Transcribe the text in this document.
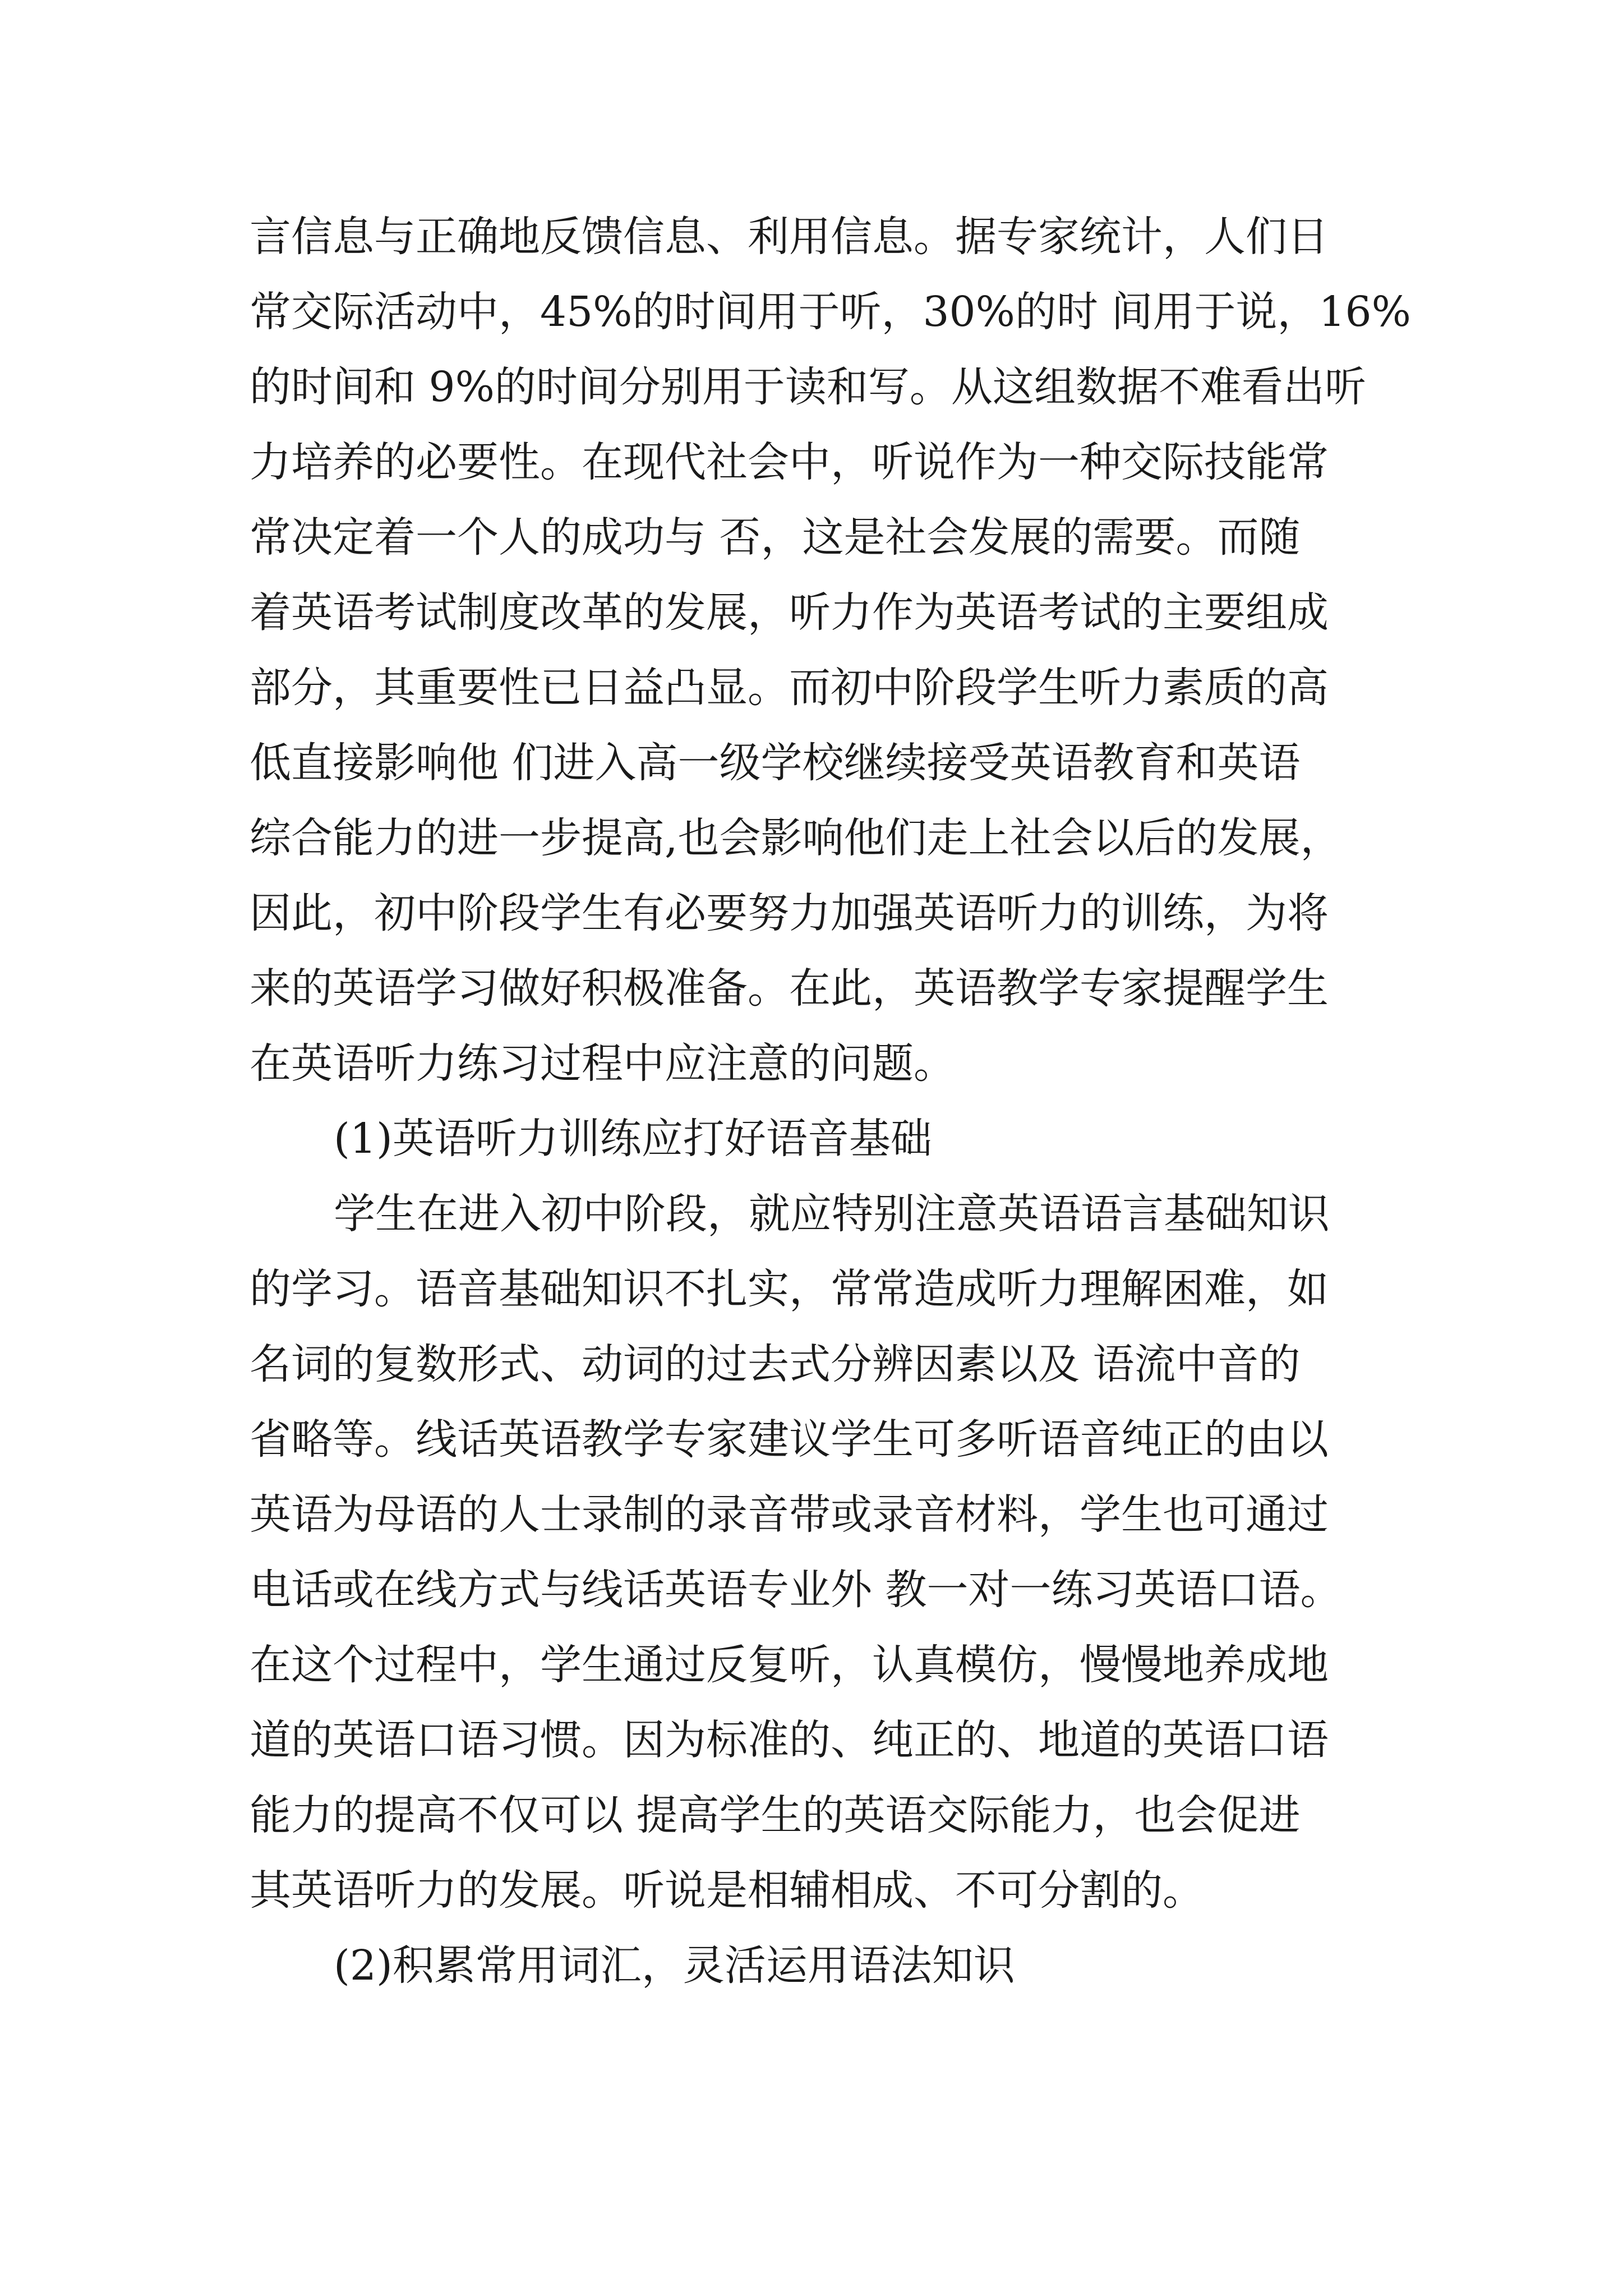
言信息与正确地反馈信息、利用信息。据专家统计，人们日
常交际活动中，45%的时间用于听，30%的时 间用于说，16%
的时间和 9%的时间分别用于读和写。从这组数据不难看出听
力培养的必要性。在现代社会中，听说作为一种交际技能常
常决定着一个人的成功与 否，这是社会发展的需要。而随
着英语考试制度改革的发展，听力作为英语考试的主要组成
部分，其重要性已日益凸显。而初中阶段学生听力素质的高
低直接影响他 们进入高一级学校继续接受英语教育和英语
综合能力的进一步提高,也会影响他们走上社会以后的发展，
因此，初中阶段学生有必要努力加强英语听力的训练，为将
来的英语学习做好积极准备。在此，英语教学专家提醒学生
在英语听力练习过程中应注意的问题。
(1)英语听力训练应打好语音基础
学生在进入初中阶段，就应特别注意英语语言基础知识
的学习。语音基础知识不扎实，常常造成听力理解困难，如
名词的复数形式、动词的过去式分辨因素以及 语流中音的
省略等。线话英语教学专家建议学生可多听语音纯正的由以
英语为母语的人士录制的录音带或录音材料，学生也可通过
电话或在线方式与线话英语专业外 教一对一练习英语口语。
在这个过程中，学生通过反复听，认真模仿，慢慢地养成地
道的英语口语习惯。因为标准的、纯正的、地道的英语口语
能力的提高不仅可以 提高学生的英语交际能力，也会促进
其英语听力的发展。听说是相辅相成、不可分割的。
(2)积累常用词汇，灵活运用语法知识
